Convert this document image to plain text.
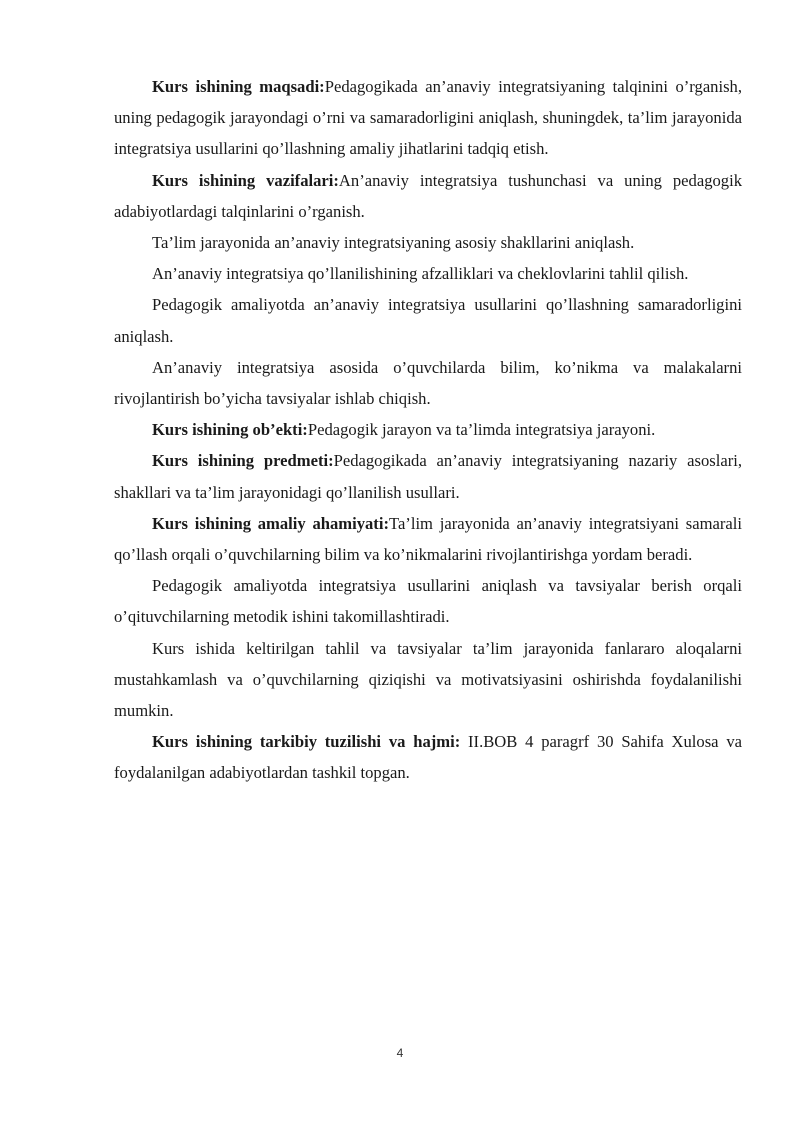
Kurs ishining maqsadi:Pedagogikada an’anaviy integratsiyaning talqinini o’rganish, uning pedagogik jarayondagi o’rni va samaradorligini aniqlash, shuningdek, ta’lim jarayonida integratsiya usullarini qo’llashning amaliy jihatlarini tadqiq etish.

Kurs ishining vazifalari:An’anaviy integratsiya tushunchasi va uning pedagogik adabiyotlardagi talqinlarini o’rganish.

Ta’lim jarayonida an’anaviy integratsiyaning asosiy shakllarini aniqlash.

An’anaviy integratsiya qo’llanilishining afzalliklari va cheklovlarini tahlil qilish.

Pedagogik amaliyotda an’anaviy integratsiya usullarini qo’llashning samaradorligini aniqlash.

An’anaviy integratsiya asosida o’quvchilarda bilim, ko’nikma va malakalarni rivojlantirish bo’yicha tavsiyalar ishlab chiqish.

Kurs ishining ob’ekti:Pedagogik jarayon va ta’limda integratsiya jarayoni.

Kurs ishining predmeti:Pedagogikada an’anaviy integratsiyaning nazariy asoslari, shakllari va ta’lim jarayonidagi qo’llanilish usullari.

Kurs ishining amaliy ahamiyati:Ta’lim jarayonida an’anaviy integratsiyani samarali qo’llash orqali o’quvchilarning bilim va ko’nikmalarini rivojlantirishga yordam beradi.

Pedagogik amaliyotda integratsiya usullarini aniqlash va tavsiyalar berish orqali o’qituvchilarning metodik ishini takomillashtiradi.

Kurs ishida keltirilgan tahlil va tavsiyalar ta’lim jarayonida fanlararo aloqalarni mustahkamlash va o’quvchilarning qiziqishi va motivatsiyasini oshirishda foydalanilishi mumkin.

Kurs ishining tarkibiy tuzilishi va hajmi: II.BOB 4 paragrf 30 Sahifa Xulosa va foydalanilgan adabiyotlardan tashkil topgan.

4
